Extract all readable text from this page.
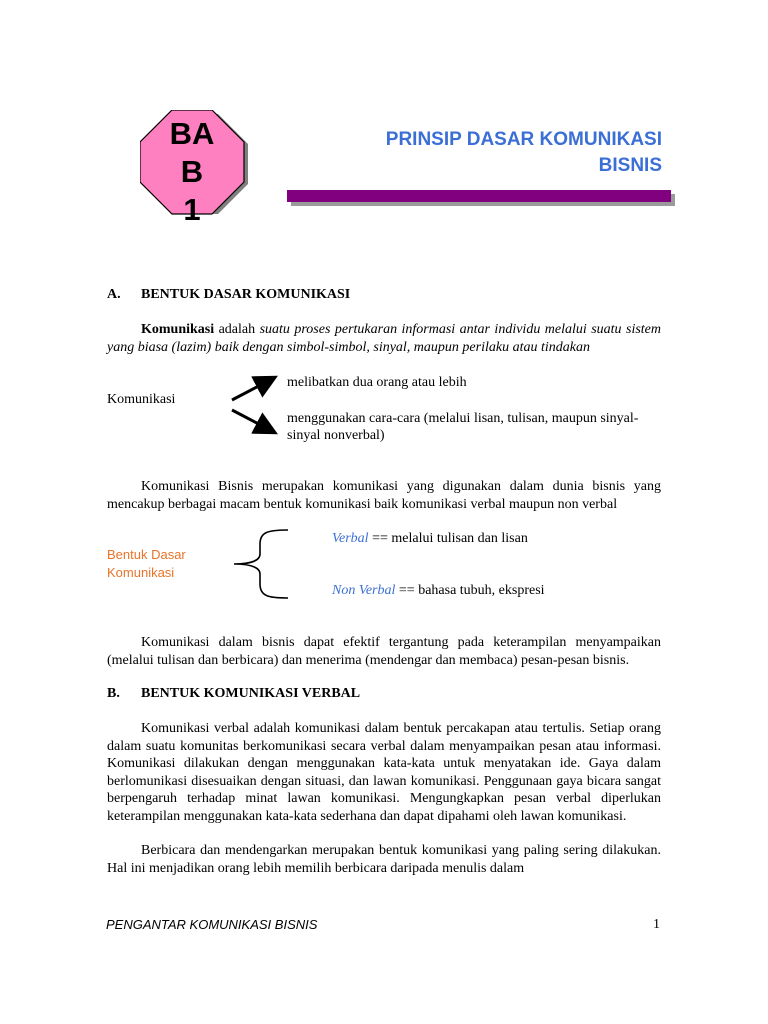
BA
B
1
PRINSIP DASAR KOMUNIKASI
BISNIS
A. BENTUK DASAR KOMUNIKASI
Komunikasi adalah suatu proses pertukaran informasi antar individu melalui suatu sistem yang biasa (lazim) baik dengan simbol-simbol, sinyal, maupun perilaku atau tindakan
Komunikasi
melibatkan dua orang atau lebih
menggunakan cara-cara (melalui lisan, tulisan, maupun sinyal-sinyal nonverbal)
Komunikasi Bisnis merupakan komunikasi yang digunakan dalam dunia bisnis yang mencakup berbagai macam bentuk komunikasi baik komunikasi verbal maupun non verbal
Bentuk Dasar
Komunikasi
Verbal == melalui tulisan dan lisan
Non Verbal == bahasa tubuh, ekspresi
Komunikasi dalam bisnis dapat efektif tergantung pada keterampilan menyampaikan (melalui tulisan dan berbicara) dan menerima (mendengar dan membaca) pesan-pesan bisnis.
B. BENTUK KOMUNIKASI VERBAL
Komunikasi verbal adalah komunikasi dalam bentuk percakapan atau tertulis. Setiap orang dalam suatu komunitas berkomunikasi secara verbal dalam menyampaikan pesan atau informasi. Komunikasi dilakukan dengan menggunakan kata-kata untuk menyatakan ide. Gaya dalam berlomunikasi disesuaikan dengan situasi, dan lawan komunikasi. Penggunaan gaya bicara sangat berpengaruh terhadap minat lawan komunikasi. Mengungkapkan pesan verbal diperlukan keterampilan menggunakan kata-kata sederhana dan dapat dipahami oleh lawan komunikasi.
Berbicara dan mendengarkan merupakan bentuk komunikasi yang paling sering dilakukan. Hal ini menjadikan orang lebih memilih berbicara daripada menulis dalam
PENGANTAR KOMUNIKASI BISNIS	1
